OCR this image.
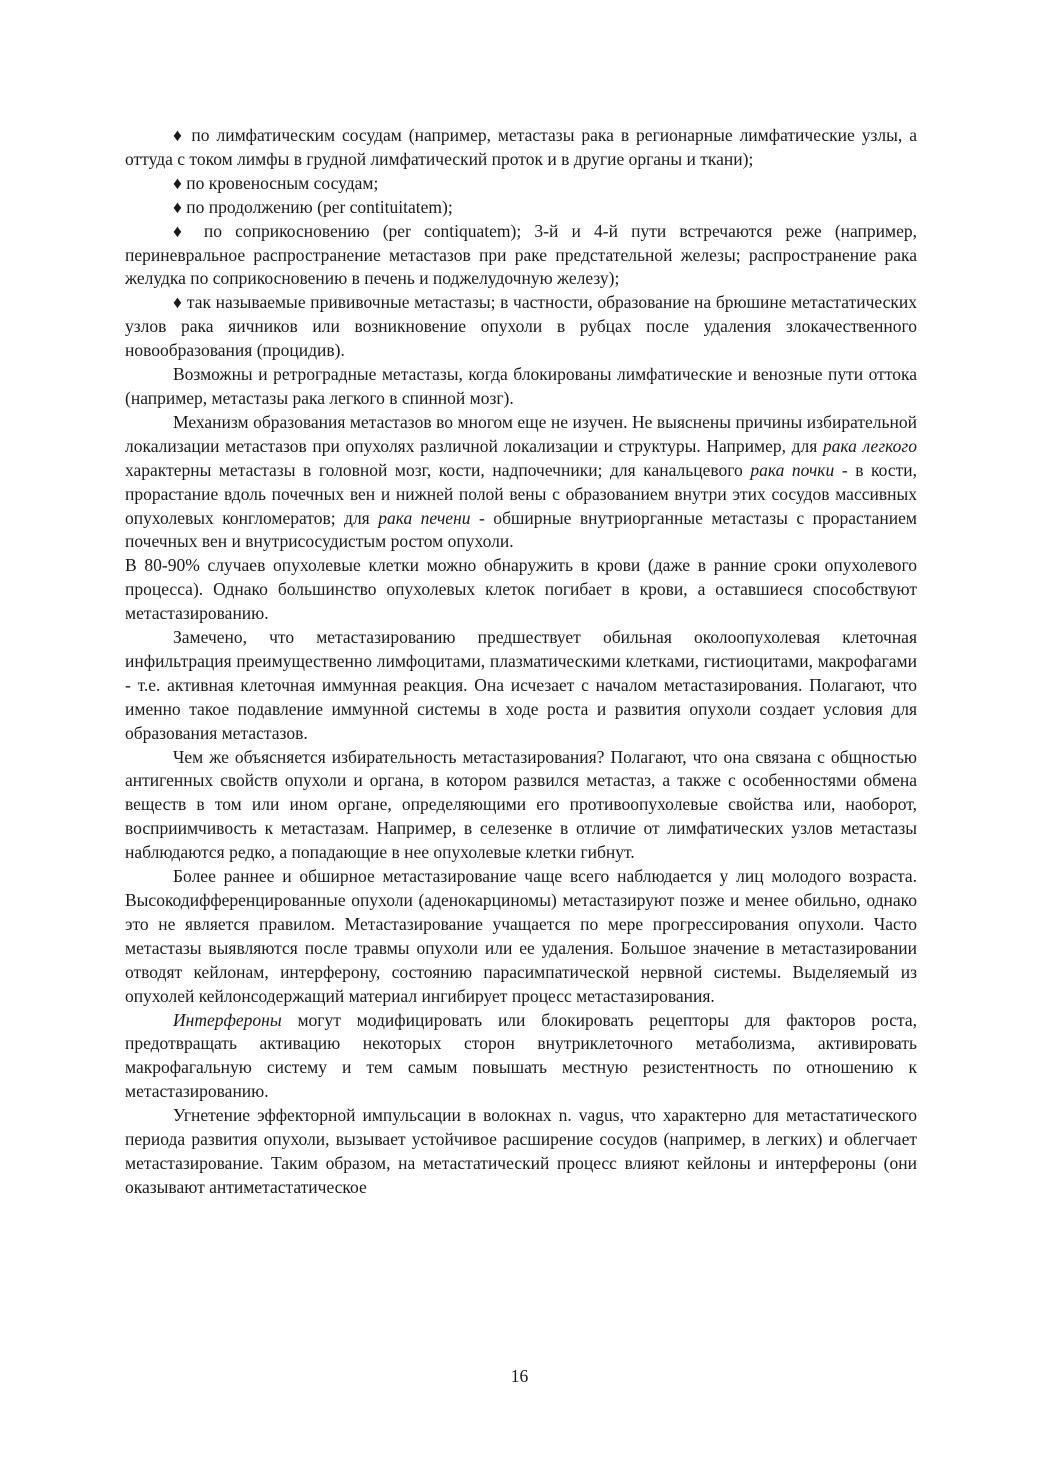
♦ по лимфатическим сосудам (например, метастазы рака в регионарные лимфатические узлы, а оттуда с током лимфы в грудной лимфатический проток и в другие органы и ткани);

♦ по кровеносным сосудам;

♦ по продолжению (per contituitatem);

♦ по соприкосновению (per contiquatem); 3-й и 4-й пути встречаются реже (например, периневральное распространение метастазов при раке предстательной железы; распространение рака желудка по соприкосновению в печень и поджелудочную железу);

♦ так называемые прививочные метастазы; в частности, образование на брюшине метастатических узлов рака яичников или возникновение опухоли в рубцах после удаления злокачественного новообразования (процидив).

Возможны и ретроградные метастазы, когда блокированы лимфатические и венозные пути оттока (например, метастазы рака легкого в спинной мозг).

Механизм образования метастазов во многом еще не изучен. Не выяснены причины избирательной локализации метастазов при опухолях различной локализации и структуры. Например, для рака легкого характерны метастазы в головной мозг, кости, надпочечники; для канальцевого рака почки - в кости, прорастание вдоль почечных вен и нижней полой вены с образованием внутри этих сосудов массивных опухолевых конгломератов; для рака печени - обширные внутриорганные метастазы с прорастанием почечных вен и внутрисосудистым ростом опухоли.

В 80-90% случаев опухолевые клетки можно обнаружить в крови (даже в ранние сроки опухолевого процесса). Однако большинство опухолевых клеток погибает в крови, а оставшиеся способствуют метастазированию.

Замечено, что метастазированию предшествует обильная околоопухолевая клеточная инфильтрация преимущественно лимфоцитами, плазматическими клетками, гистиоцитами, макрофагами - т.е. активная клеточная иммунная реакция. Она исчезает с началом метастазирования. Полагают, что именно такое подавление иммунной системы в ходе роста и развития опухоли создает условия для образования метастазов.

Чем же объясняется избирательность метастазирования? Полагают, что она связана с общностью антигенных свойств опухоли и органа, в котором развился метастаз, а также с особенностями обмена веществ в том или ином органе, определяющими его противоопухолевые свойства или, наоборот, восприимчивость к метастазам. Например, в селезенке в отличие от лимфатических узлов метастазы наблюдаются редко, а попадающие в нее опухолевые клетки гибнут.

Более раннее и обширное метастазирование чаще всего наблюдается у лиц молодого возраста. Высокодифференцированные опухоли (аденокарциномы) метастазируют позже и менее обильно, однако это не является правилом. Метастазирование учащается по мере прогрессирования опухоли. Часто метастазы выявляются после травмы опухоли или ее удаления. Большое значение в метастазировании отводят кейлонам, интерферону, состоянию парасимпатической нервной системы. Выделяемый из опухолей кейлонсодержащий материал ингибирует процесс метастазирования.

Интерфероны могут модифицировать или блокировать рецепторы для факторов роста, предотвращать активацию некоторых сторон внутриклеточного метаболизма, активировать макрофагальную систему и тем самым повышать местную резистентность по отношению к метастазированию.

Угнетение эффекторной импульсации в волокнах n. vagus, что характерно для метастатического периода развития опухоли, вызывает устойчивое расширение сосудов (например, в легких) и облегчает метастазирование. Таким образом, на метастатический процесс влияют кейлоны и интерфероны (они оказывают антиметастатическое

16
